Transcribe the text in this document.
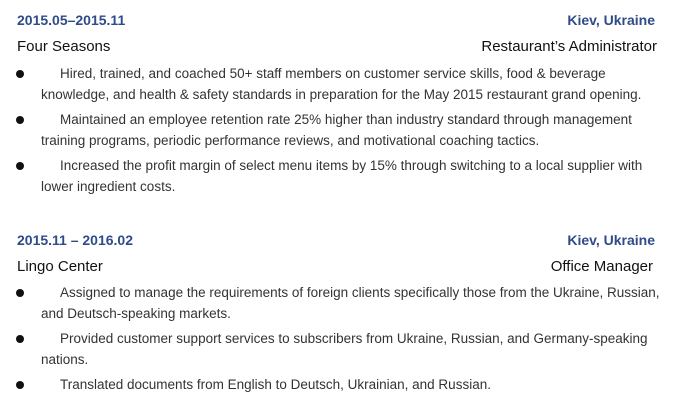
2015.05–2015.11	Kiev, Ukraine
Four Seasons	Restaurant’s Administrator
Hired, trained, and coached 50+ staff members on customer service skills, food & beverage knowledge, and health & safety standards in preparation for the May 2015 restaurant grand opening.
Maintained an employee retention rate 25% higher than industry standard through management training programs, periodic performance reviews, and motivational coaching tactics.
Increased the profit margin of select menu items by 15% through switching to a local supplier with lower ingredient costs.
2015.11 – 2016.02	Kiev, Ukraine
Lingo Center	Office Manager
Assigned to manage the requirements of foreign clients specifically those from the Ukraine, Russian, and Deutsch-speaking markets.
Provided customer support services to subscribers from Ukraine, Russian, and Germany-speaking nations.
Translated documents from English to Deutsch, Ukrainian, and Russian.
